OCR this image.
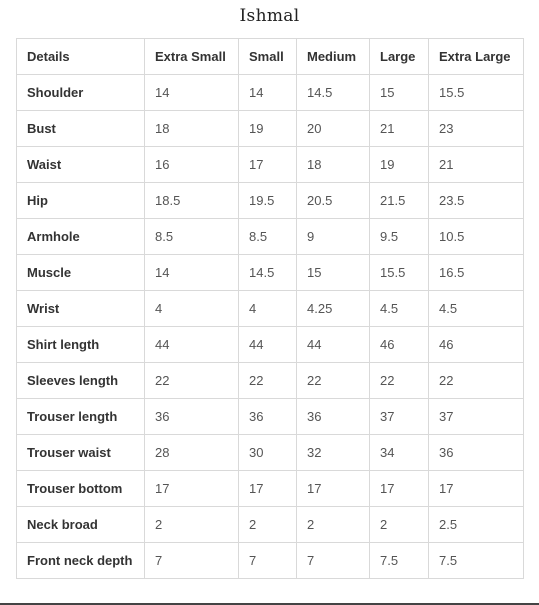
Ishmal
Details	Extra Small	Small	Medium	Large	Extra Large
Shoulder	14	14	14.5	15	15.5
Bust	18	19	20	21	23
Waist	16	17	18	19	21
Hip	18.5	19.5	20.5	21.5	23.5
Armhole	8.5	8.5	9	9.5	10.5
Muscle	14	14.5	15	15.5	16.5
Wrist	4	4	4.25	4.5	4.5
Shirt length	44	44	44	46	46
Sleeves length	22	22	22	22	22
Trouser length	36	36	36	37	37
Trouser waist	28	30	32	34	36
Trouser bottom	17	17	17	17	17
Neck broad	2	2	2	2	2.5
Front neck depth	7	7	7	7.5	7.5
